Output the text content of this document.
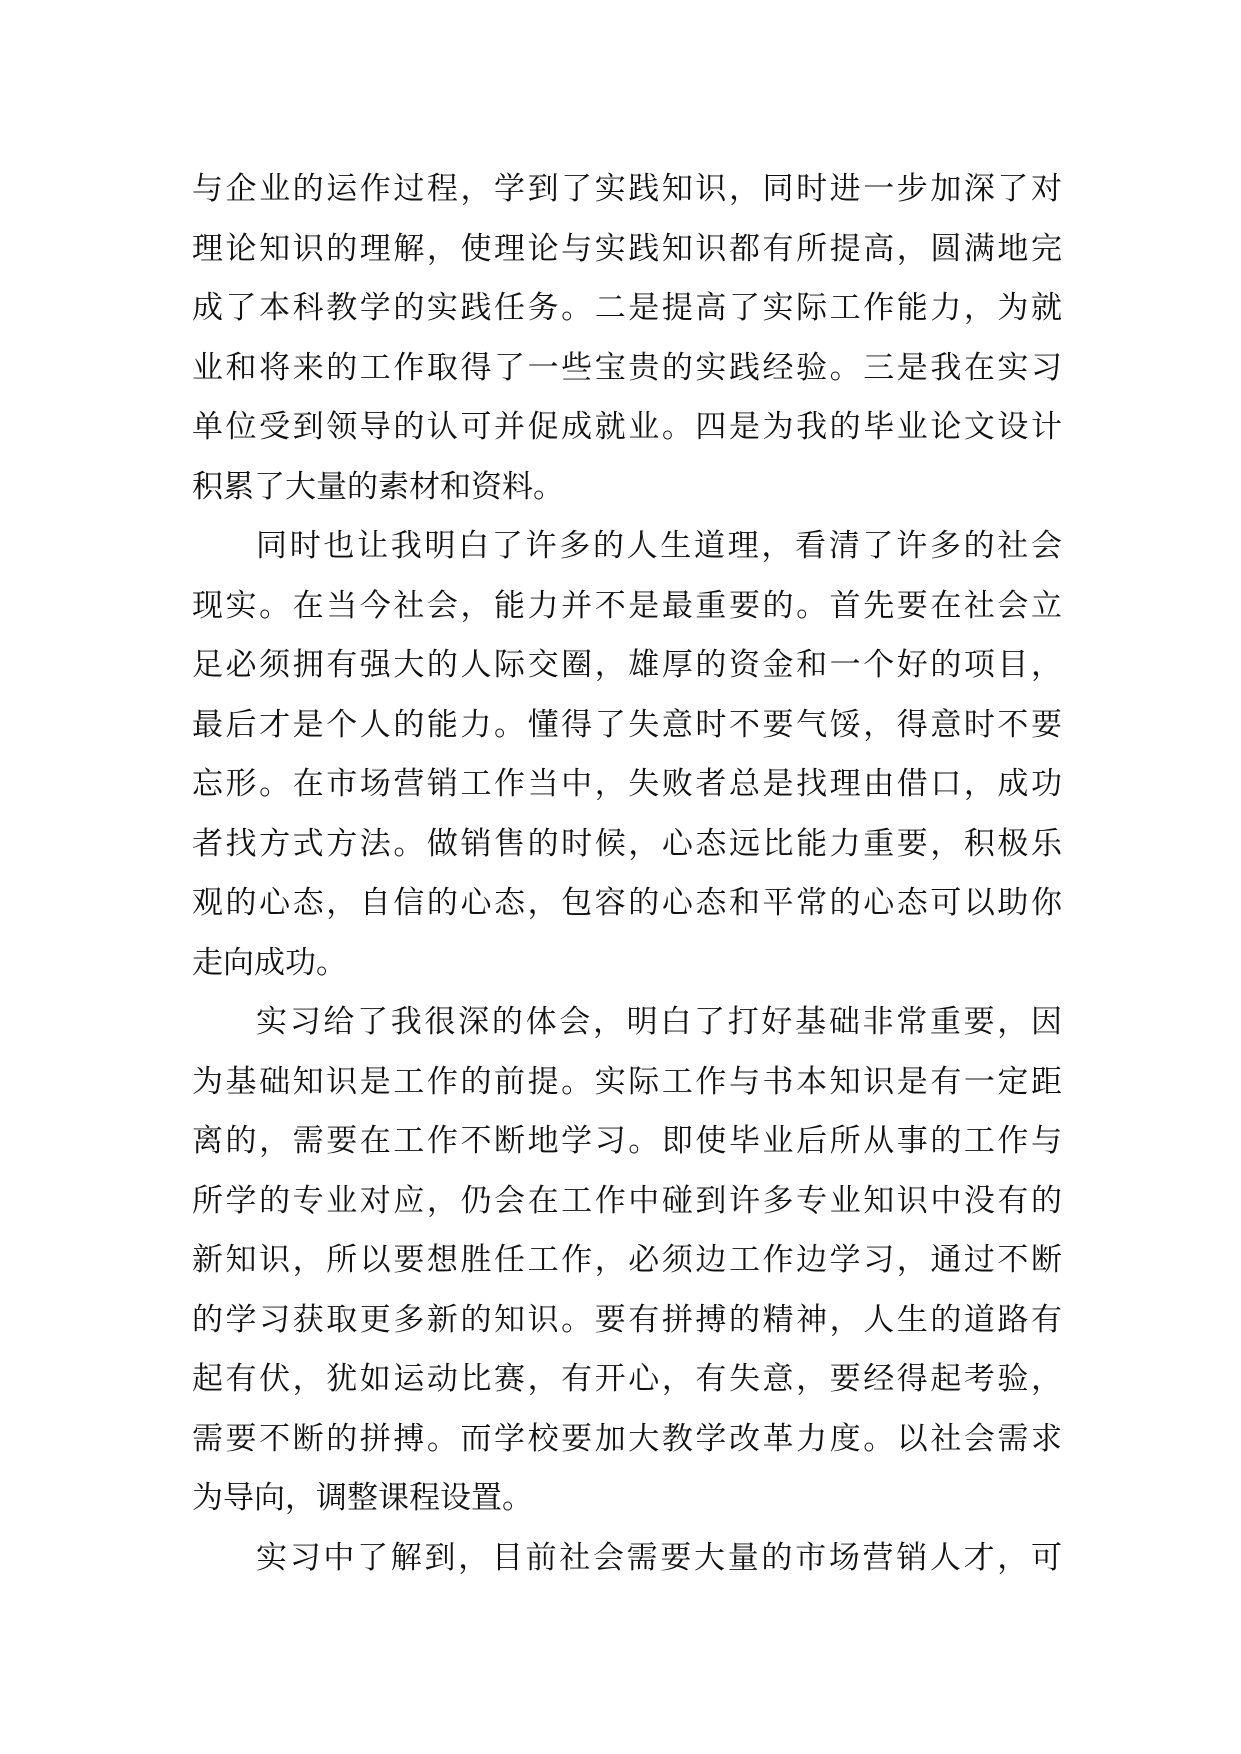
与企业的运作过程，学到了实践知识，同时进一步加深了对
理论知识的理解，使理论与实践知识都有所提高，圆满地完
成了本科教学的实践任务。二是提高了实际工作能力，为就
业和将来的工作取得了一些宝贵的实践经验。三是我在实习
单位受到领导的认可并促成就业。四是为我的毕业论文设计
积累了大量的素材和资料。
同时也让我明白了许多的人生道理，看清了许多的社会
现实。在当今社会，能力并不是最重要的。首先要在社会立
足必须拥有强大的人际交圈，雄厚的资金和一个好的项目，
最后才是个人的能力。懂得了失意时不要气馁，得意时不要
忘形。在市场营销工作当中，失败者总是找理由借口，成功
者找方式方法。做销售的时候，心态远比能力重要，积极乐
观的心态，自信的心态，包容的心态和平常的心态可以助你
走向成功。
实习给了我很深的体会，明白了打好基础非常重要，因
为基础知识是工作的前提。实际工作与书本知识是有一定距
离的，需要在工作不断地学习。即使毕业后所从事的工作与
所学的专业对应，仍会在工作中碰到许多专业知识中没有的
新知识，所以要想胜任工作，必须边工作边学习，通过不断
的学习获取更多新的知识。要有拼搏的精神，人生的道路有
起有伏，犹如运动比赛，有开心，有失意，要经得起考验，
需要不断的拼搏。而学校要加大教学改革力度。以社会需求
为导向，调整课程设置。
实习中了解到，目前社会需要大量的市场营销人才，可
